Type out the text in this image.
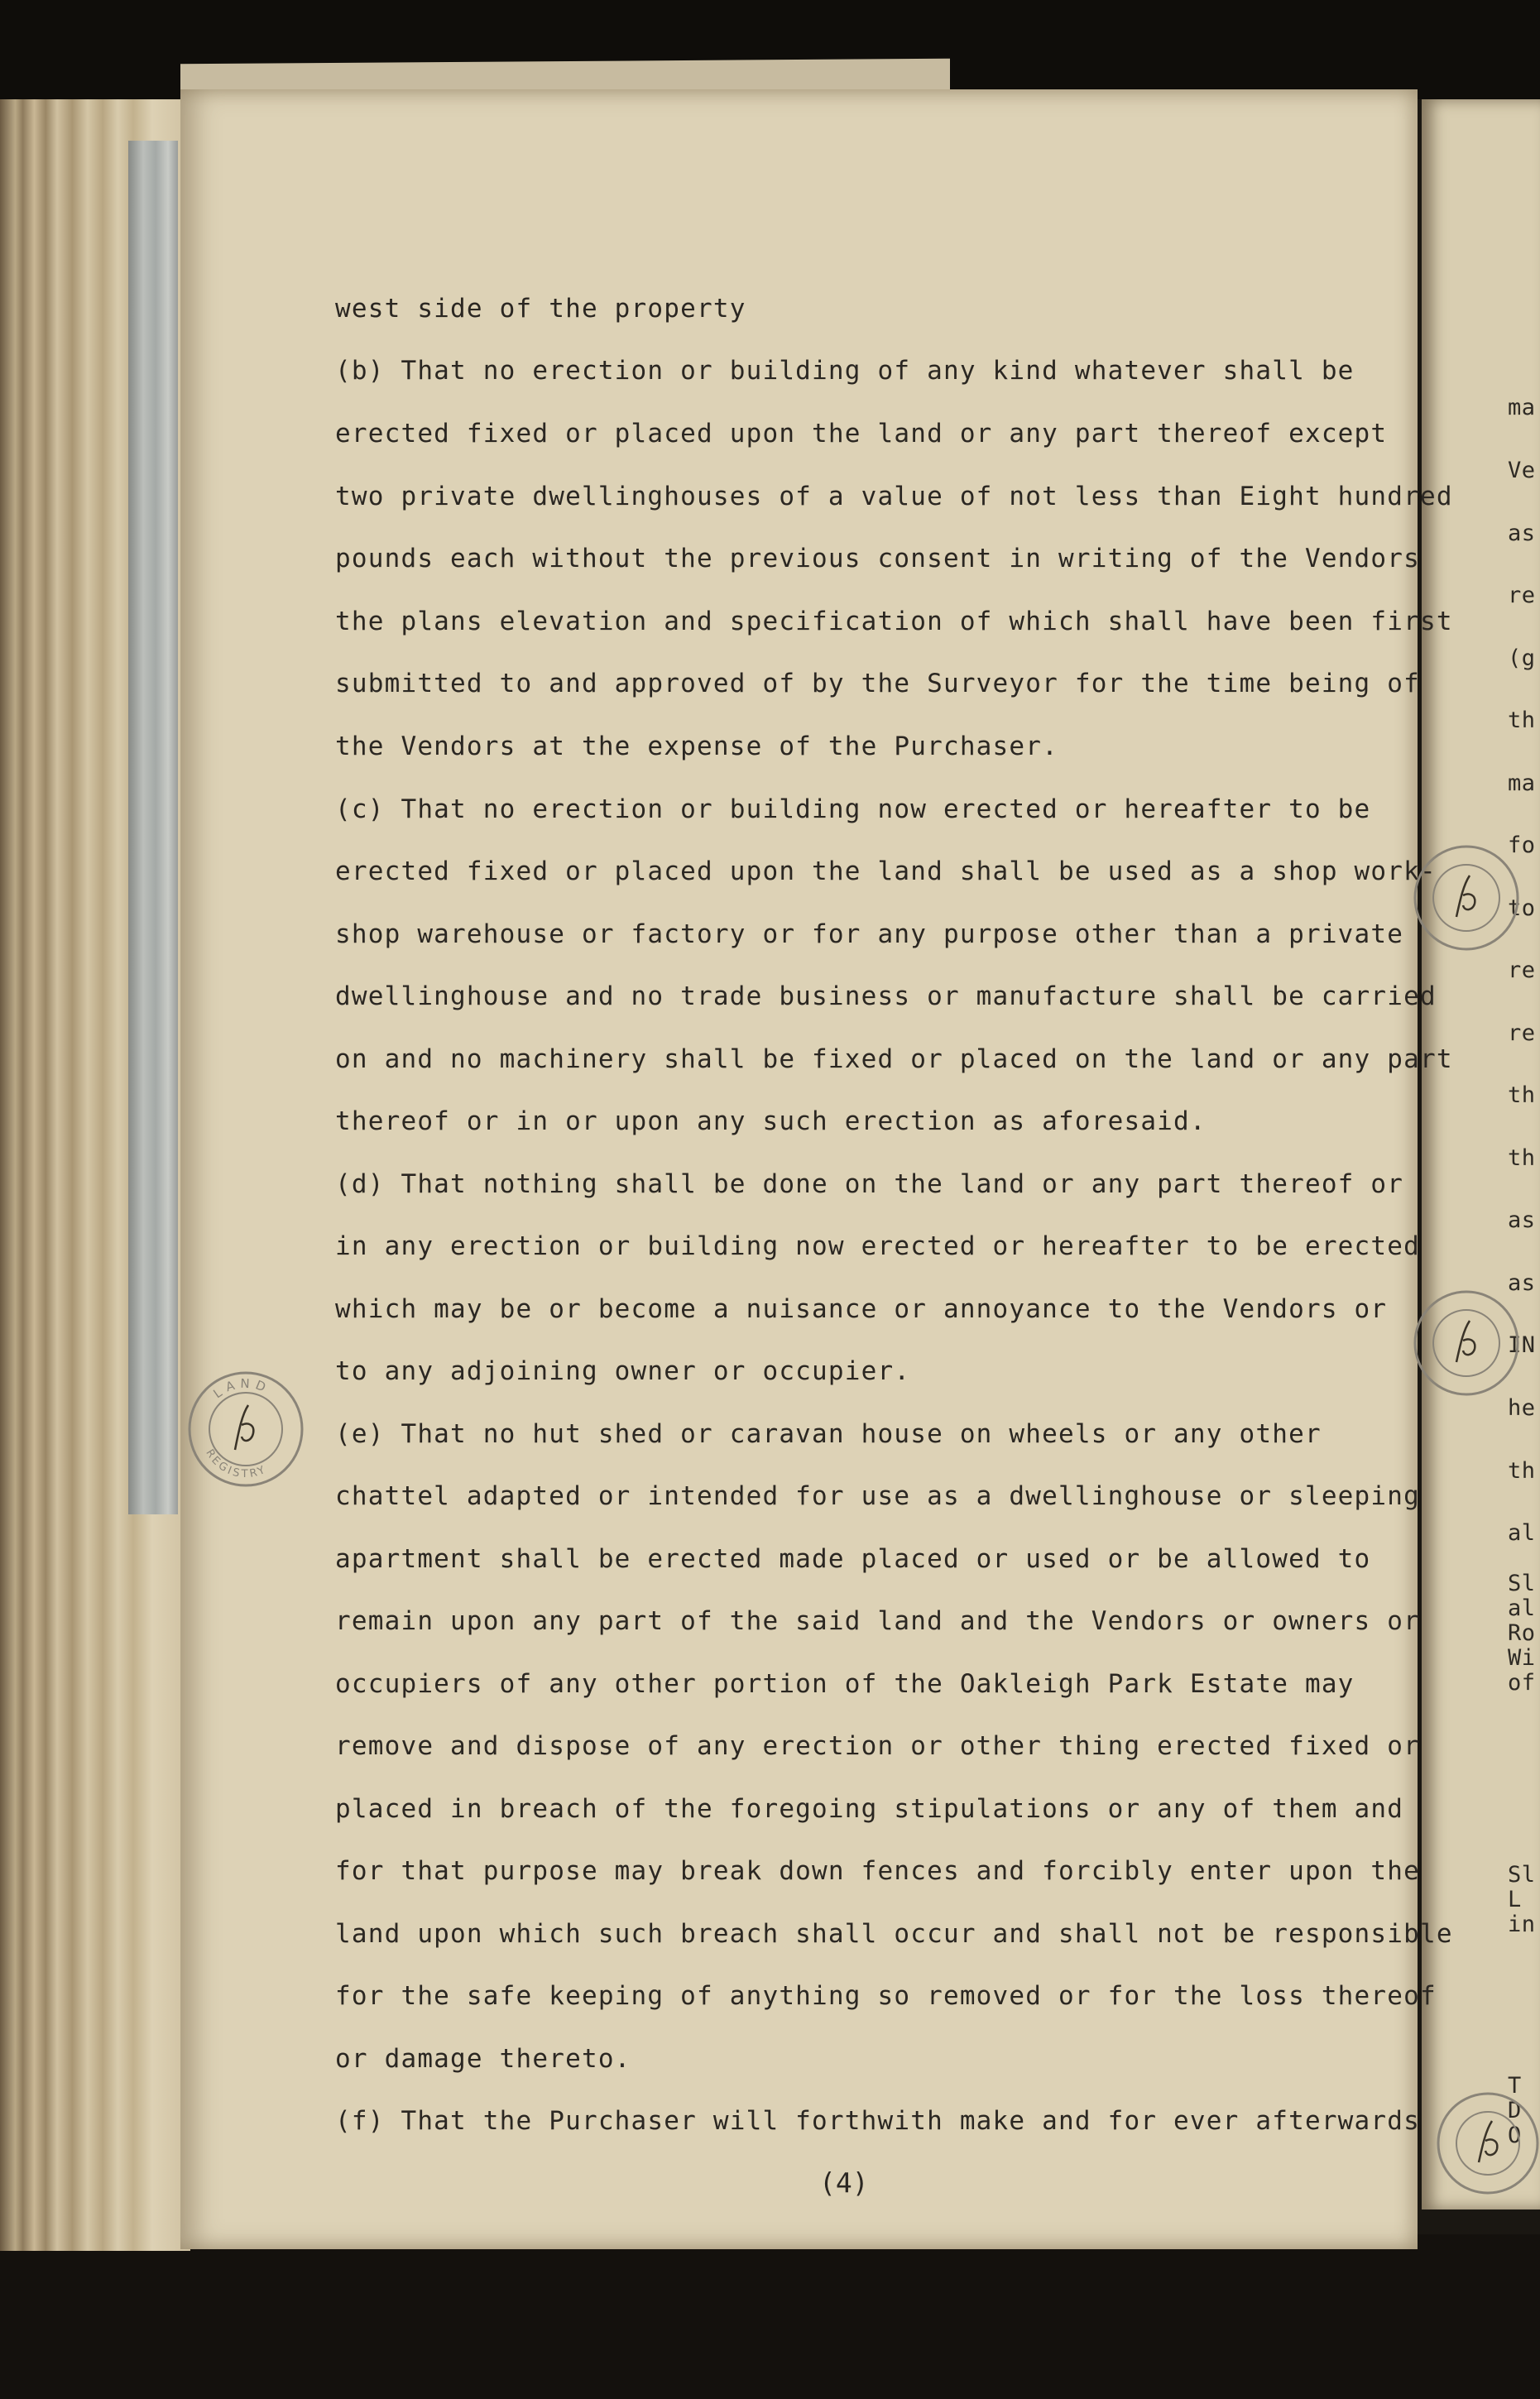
west side of the property
(b) That no erection or building of any kind whatever shall be
erected fixed or placed upon the land or any part thereof except
two private dwellinghouses of a value of not less than Eight hundred
pounds each without the previous consent in writing of the Vendors
the plans elevation and specification of which shall have been first
submitted to and approved of by the Surveyor for the time being of
the Vendors at the expense of the Purchaser.
(c) That no erection or building now erected or hereafter to be
erected fixed or placed upon the land shall be used as a shop work-
shop warehouse or factory or for any purpose other than a private
dwellinghouse and no trade business or manufacture shall be carried
on and no machinery shall be fixed or placed on the land or any part
thereof or in or upon any such erection as aforesaid.
(d) That nothing shall be done on the land or any part thereof or
in any erection or building now erected or hereafter to be erected
which may be or become a nuisance or annoyance to the Vendors or
to any adjoining owner or occupier.
(e) That no hut shed or caravan house on wheels or any other
chattel adapted or intended for use as a dwellinghouse or sleeping
apartment shall be erected made placed or used or be allowed to
remain upon any part of the said land and the Vendors or owners or
occupiers of any other portion of the Oakleigh Park Estate may
remove and dispose of any erection or other thing erected fixed or
placed in breach of the foregoing stipulations or any of them and
for that purpose may break down fences and forcibly enter upon the
land upon which such breach shall occur and shall not be responsible
for the safe keeping of anything so removed or for the loss thereof
or damage thereto.
(f) That the Purchaser will forthwith make and for ever afterwards
(4)
ma
Ve
as
re
(g
th
ma
fo
to
re
re
th
th
as
as
IN
he
th
al
Sl
al
Ro
Wi
of
Sl
L
in
T
D
O
LAND
REGISTRY
